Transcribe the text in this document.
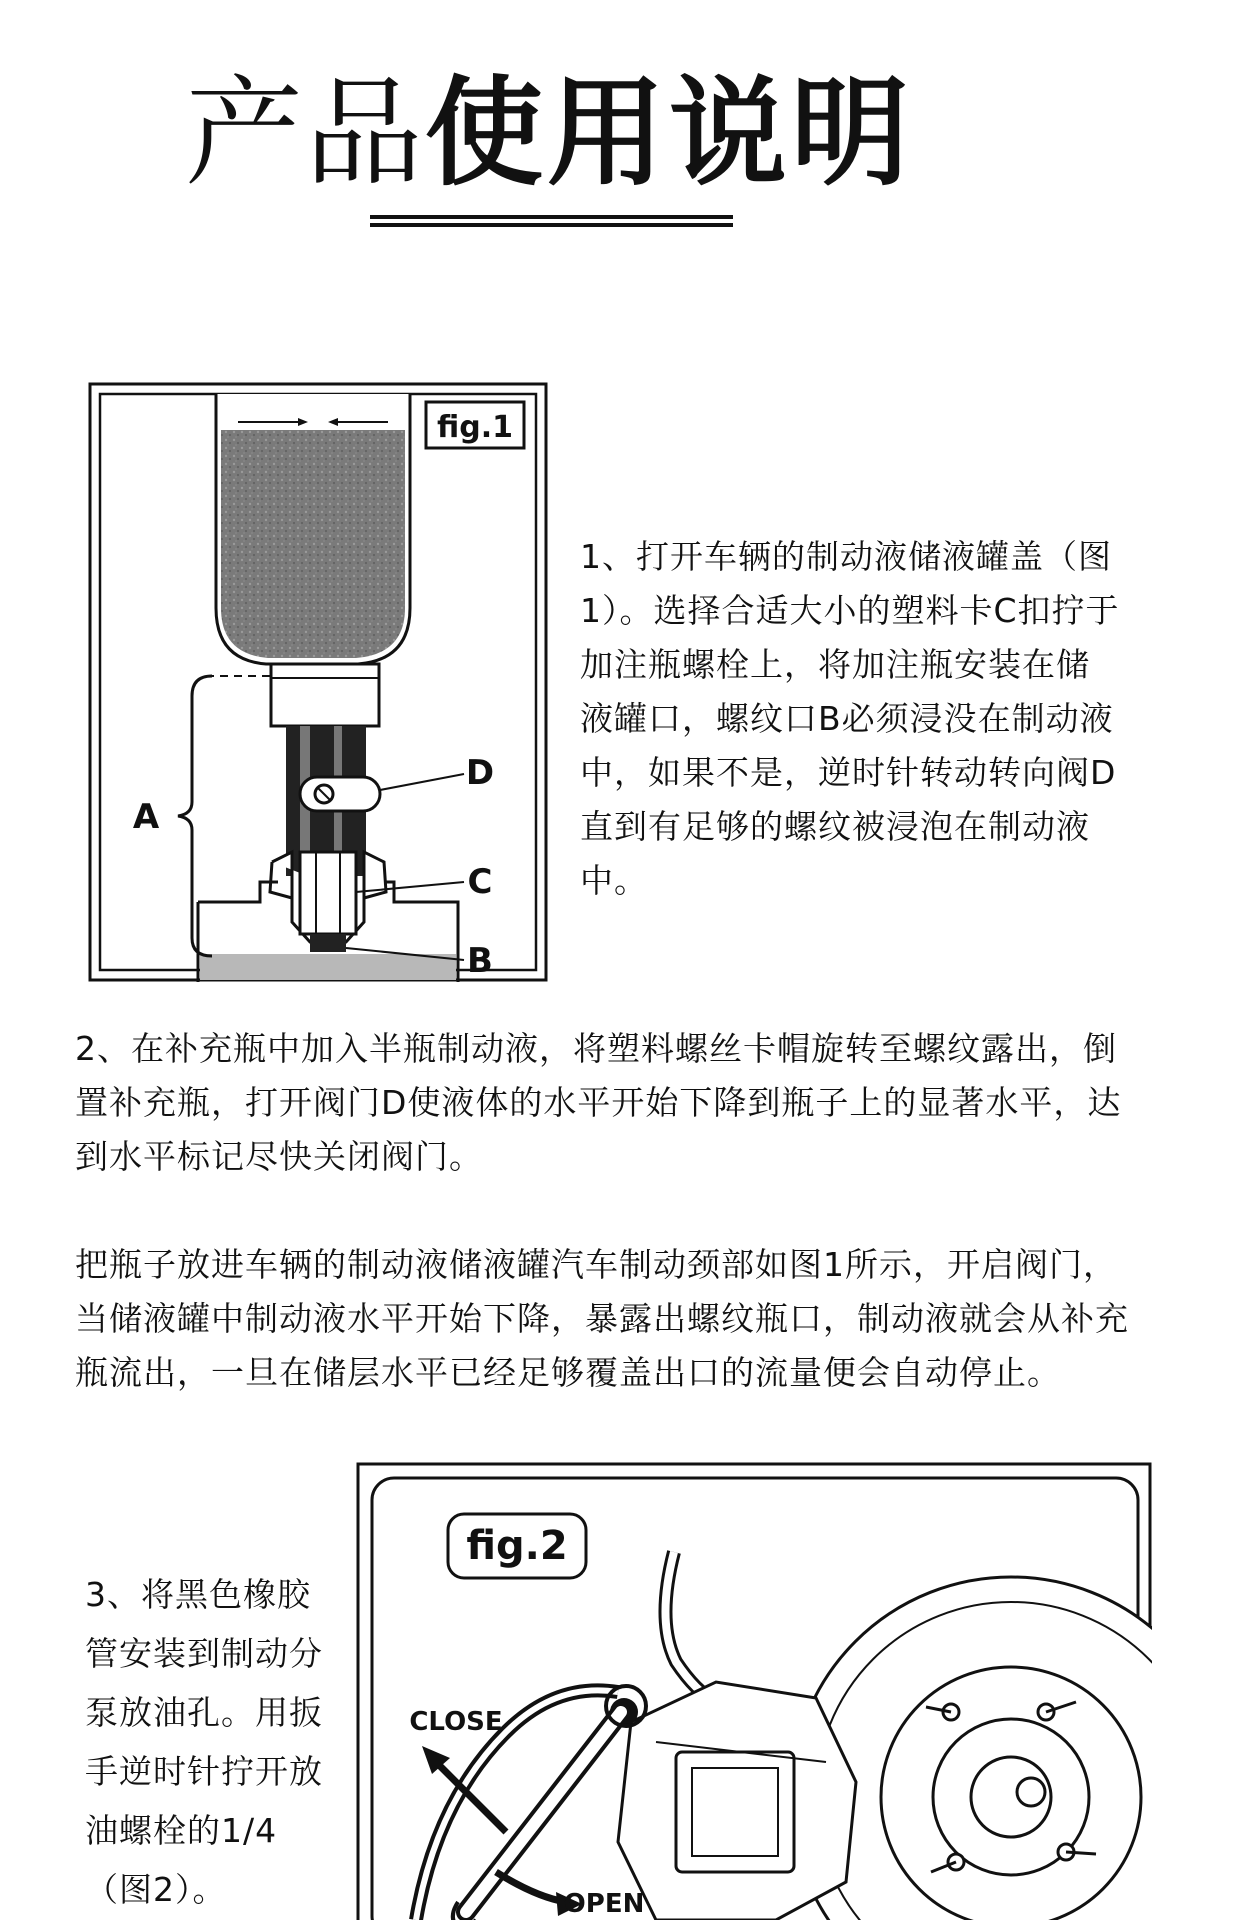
产品 使用说明
fig.1
D
C
B
A

1、打开车辆的制动液储液罐盖（图1）。选择合适大小的塑料卡C扣拧于加注瓶螺栓上，将加注瓶安装在储液罐口，螺纹口B必须浸没在制动液中，如果不是，逆时针转动转向阀D直到有足够的螺纹被浸泡在制动液中。

2、在补充瓶中加入半瓶制动液，将塑料螺丝卡帽旋转至螺纹露出，倒置补充瓶，打开阀门D使液体的水平开始下降到瓶子上的显著水平，达到水平标记尽快关闭阀门。

把瓶子放进车辆的制动液储液罐汽车制动颈部如图1所示，开启阀门，当储液罐中制动液水平开始下降，暴露出螺纹瓶口，制动液就会从补充瓶流出，一旦在储层水平已经足够覆盖出口的流量便会自动停止。

3、将黑色橡胶管安装到制动分泵放油孔。用扳手逆时针拧开放油螺栓的1/4（图2）。

fig.2
CLOSE
OPEN
